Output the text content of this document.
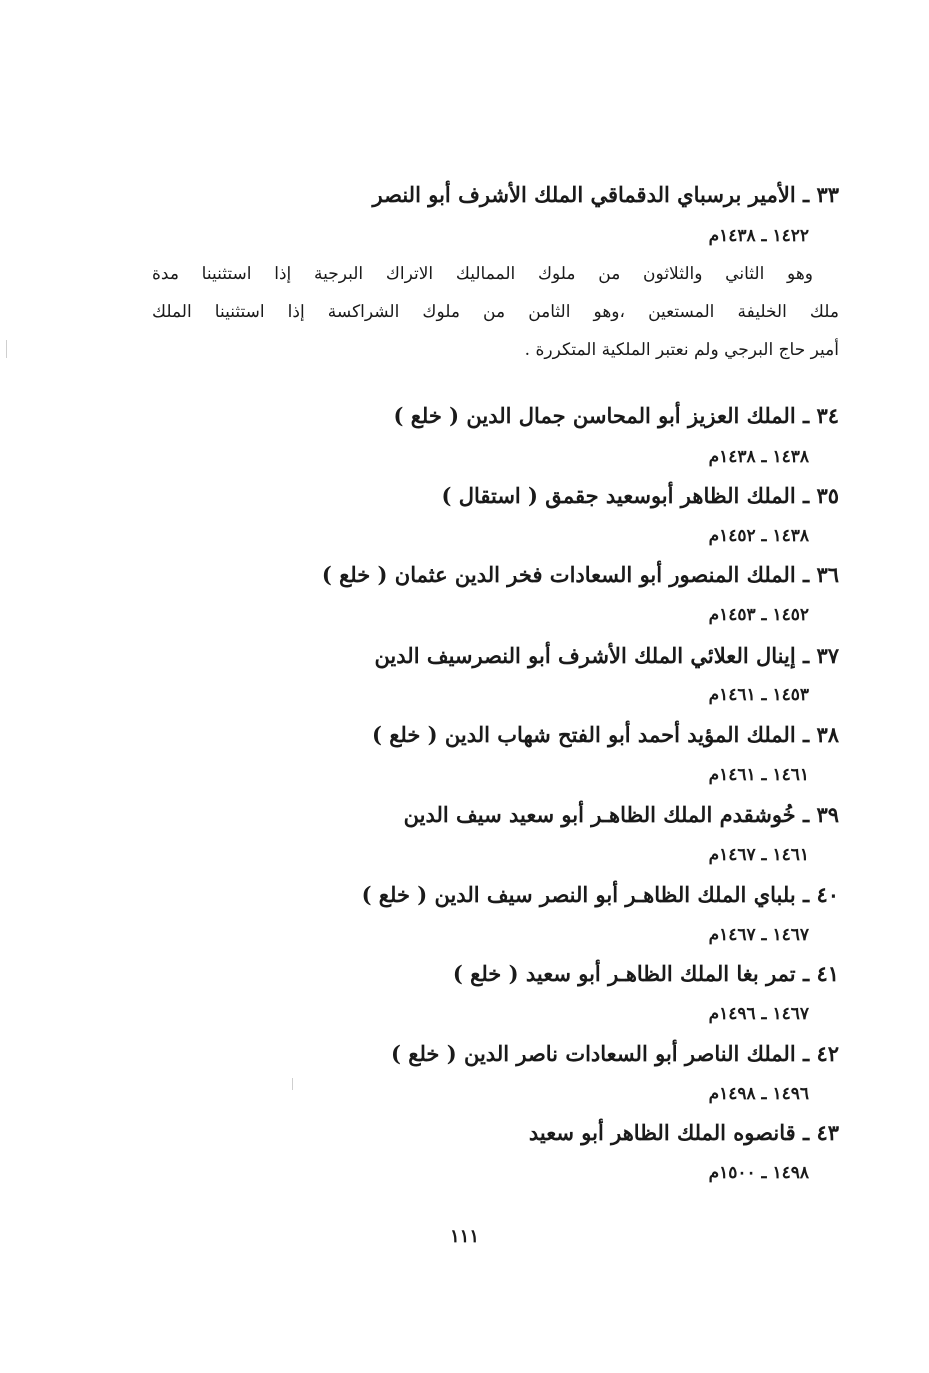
٣٣ ـ الأمير برسباي الدقماقي الملك الأشرف أبو النصر
١٤٢٢ ـ ١٤٣٨م
وهو الثاني والثلاثون من ملوك المماليك الاتراك البرجية إذا استثنينا مدة
ملك الخليفة المستعين ،وهو الثامن من ملوك الشراكسة إذا استثنينا الملك
أمير حاج البرجي ولم نعتبر الملكية المتكررة .
٣٤ ـ الملك العزيز أبو المحاسن جمال الدين ( خلع )
١٤٣٨ ـ ١٤٣٨م
٣٥ ـ الملك الظاهر أبوسعيد جقمق ( استقال )
١٤٣٨ ـ ١٤٥٢م
٣٦ ـ الملك المنصور أبو السعادات فخر الدين عثمان ( خلع )
١٤٥٢ ـ ١٤٥٣م
٣٧ ـ إينال العلائي الملك الأشرف أبو النصرسيف الدين
١٤٥٣ ـ ١٤٦١م
٣٨ ـ الملك المؤيد أحمد أبو الفتح شهاب الدين ( خلع )
١٤٦١ ـ ١٤٦١م
٣٩ ـ خُوشقدم الملك الظاهـر أبو سعيد سيف الدين
١٤٦١ ـ ١٤٦٧م
٤٠ ـ بلباي الملك الظاهـر أبو النصر سيف الدين ( خلع )
١٤٦٧ ـ ١٤٦٧م
٤١ ـ تمر بغا الملك الظاهـر أبو سعيد ( خلع )
١٤٦٧ ـ ١٤٩٦م
٤٢ ـ الملك الناصر أبو السعادات ناصر الدين ( خلع )
١٤٩٦ ـ ١٤٩٨م
٤٣ ـ قانصوه الملك الظاهر أبو سعيد
١٤٩٨ ـ ١٥٠٠م
١١١
